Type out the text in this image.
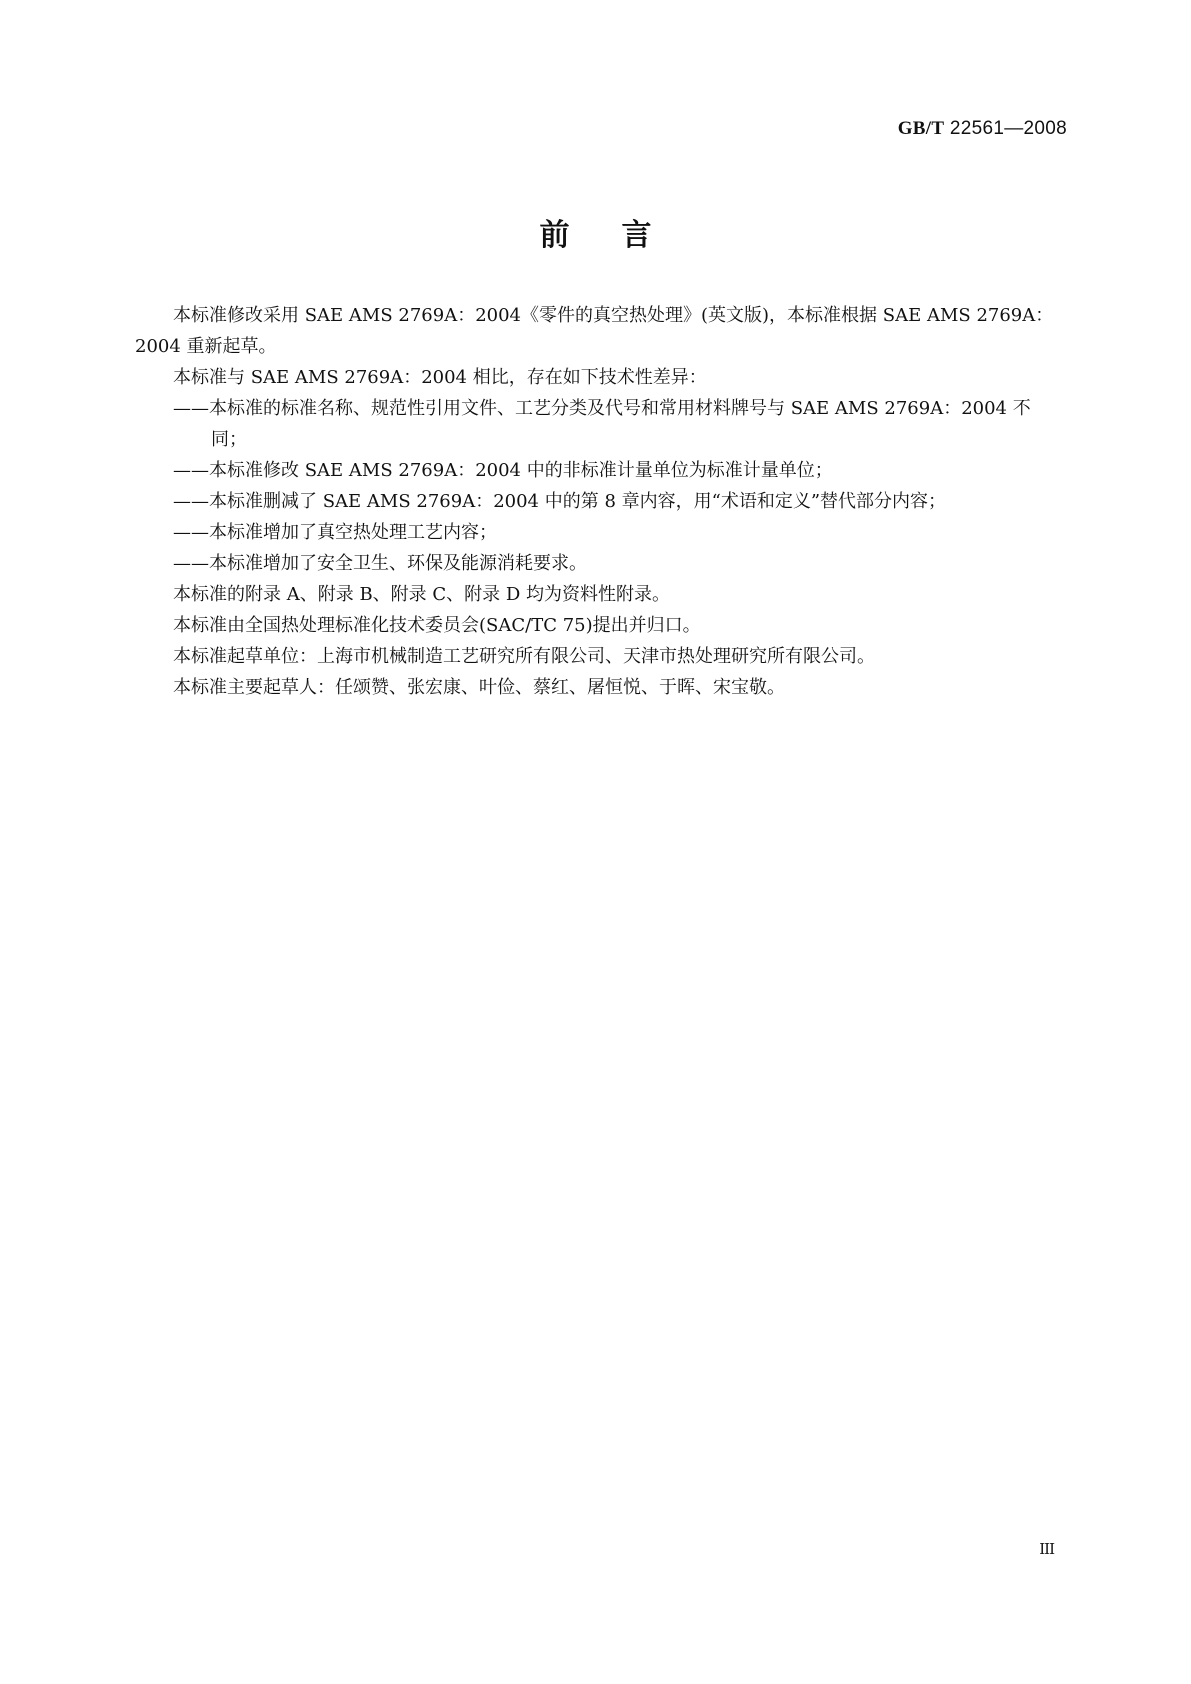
GB/T 22561—2008
前言

本标准修改采用 SAE AMS 2769A：2004《零件的真空热处理》(英文版)，本标准根据 SAE AMS 2769A：2004 重新起草。

本标准与 SAE AMS 2769A：2004 相比，存在如下技术性差异：

——本标准的标准名称、规范性引用文件、工艺分类及代号和常用材料牌号与 SAE AMS 2769A：2004 不同；

——本标准修改 SAE AMS 2769A：2004 中的非标准计量单位为标准计量单位；

——本标准删减了 SAE AMS 2769A：2004 中的第 8 章内容，用“术语和定义”替代部分内容；

——本标准增加了真空热处理工艺内容；

——本标准增加了安全卫生、环保及能源消耗要求。

本标准的附录 A、附录 B、附录 C、附录 D 均为资料性附录。

本标准由全国热处理标准化技术委员会(SAC/TC 75)提出并归口。

本标准起草单位：上海市机械制造工艺研究所有限公司、天津市热处理研究所有限公司。

本标准主要起草人：任颂赞、张宏康、叶俭、蔡红、屠恒悦、于晖、宋宝敬。

III
